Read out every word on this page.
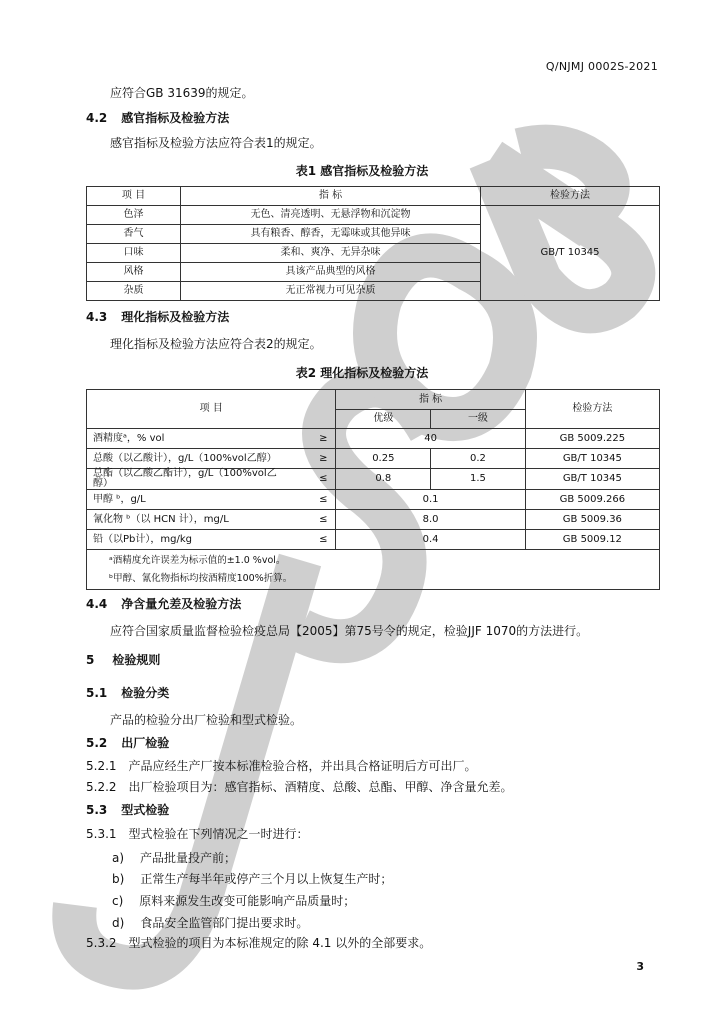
Q/NJMJ 0002S-2021
应符合GB 31639的规定。
4.2 感官指标及检验方法
感官指标及检验方法应符合表1的规定。
表1 感官指标及检验方法
项 目	指 标	检验方法
色泽	无色、清亮透明、无悬浮物和沉淀物	GB/T 10345
香气	具有粮香、醇香，无霉味或其他异味	
口味	柔和、爽净、无异杂味	
风格	具该产品典型的风格	
杂质	无正常视力可见杂质	
4.3 理化指标及检验方法
理化指标及检验方法应符合表2的规定。
表2 理化指标及检验方法
项 目		指 标		检验方法
		优级	一级	
酒精度ᵃ，% vol	≥	40		GB 5009.225
总酸（以乙酸计），g/L（100%vol乙醇）	≥	0.25	0.2	GB/T 10345
总酯（以乙酸乙酯计），g/L（100%vol乙醇）	≤	0.8	1.5	GB/T 10345
甲醇 ᵇ，g/L	≤	0.1		GB 5009.266
氰化物 ᵇ（以 HCN 计），mg/L	≤	8.0		GB 5009.36
铅（以Pb计），mg/kg	≤	0.4		GB 5009.12

ᵃ酒精度允许误差为标示值的±1.0 %vol。
ᵇ甲醇、氰化物指标均按酒精度100%折算。				
4.4 净含量允差及检验方法
应符合国家质量监督检验检疫总局【2005】第75号令的规定，检验JJF 1070的方法进行。
5 检验规则
5.1 检验分类
产品的检验分出厂检验和型式检验。
5.2 出厂检验
5.2.1 产品应经生产厂按本标准检验合格，并出具合格证明后方可出厂。
5.2.2 出厂检验项目为：感官指标、酒精度、总酸、总酯、甲醇、净含量允差。
5.3 型式检验
5.3.1 型式检验在下列情况之一时进行：
a) 产品批量投产前；
b) 正常生产每半年或停产三个月以上恢复生产时；
c) 原料来源发生改变可能影响产品质量时；
d) 食品安全监管部门提出要求时。
5.3.2 型式检验的项目为本标准规定的除 4.1 以外的全部要求。
3
